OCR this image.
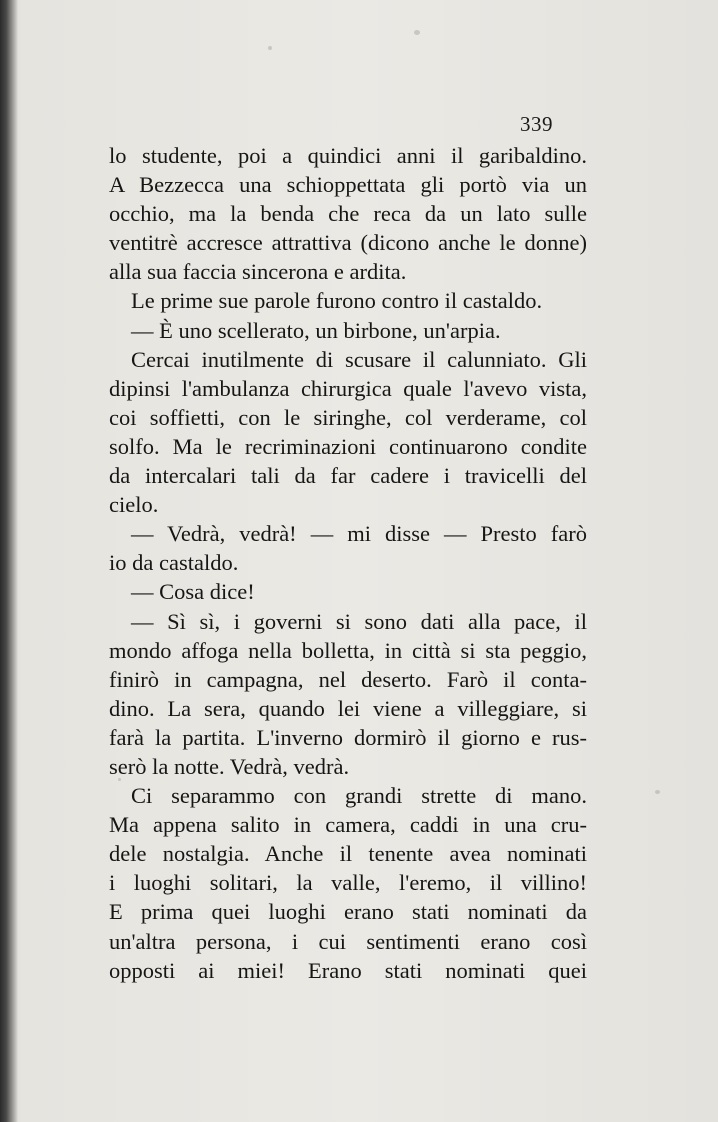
339
lo studente, poi a quindici anni il garibaldino.
A Bezzecca una schioppettata gli portò via un
occhio, ma la benda che reca da un lato sulle
ventitrè accresce attrattiva (dicono anche le donne)
alla sua faccia sincerona e ardita.
Le prime sue parole furono contro il castaldo.
— È uno scellerato, un birbone, un'arpia.
Cercai inutilmente di scusare il calunniato. Gli
dipinsi l'ambulanza chirurgica quale l'avevo vista,
coi soffietti, con le siringhe, col verderame, col
solfo. Ma le recriminazioni continuarono condite
da intercalari tali da far cadere i travicelli del
cielo.
— Vedrà, vedrà! — mi disse — Presto farò
io da castaldo.
— Cosa dice!
— Sì sì, i governi si sono dati alla pace, il
mondo affoga nella bolletta, in città si sta peggio,
finirò in campagna, nel deserto. Farò il conta-
dino. La sera, quando lei viene a villeggiare, si
farà la partita. L'inverno dormirò il giorno e rus-
serò la notte. Vedrà, vedrà.
Ci separammo con grandi strette di mano.
Ma appena salito in camera, caddi in una cru-
dele nostalgia. Anche il tenente avea nominati
i luoghi solitari, la valle, l'eremo, il villino!
E prima quei luoghi erano stati nominati da
un'altra persona, i cui sentimenti erano così
opposti ai miei! Erano stati nominati quei
